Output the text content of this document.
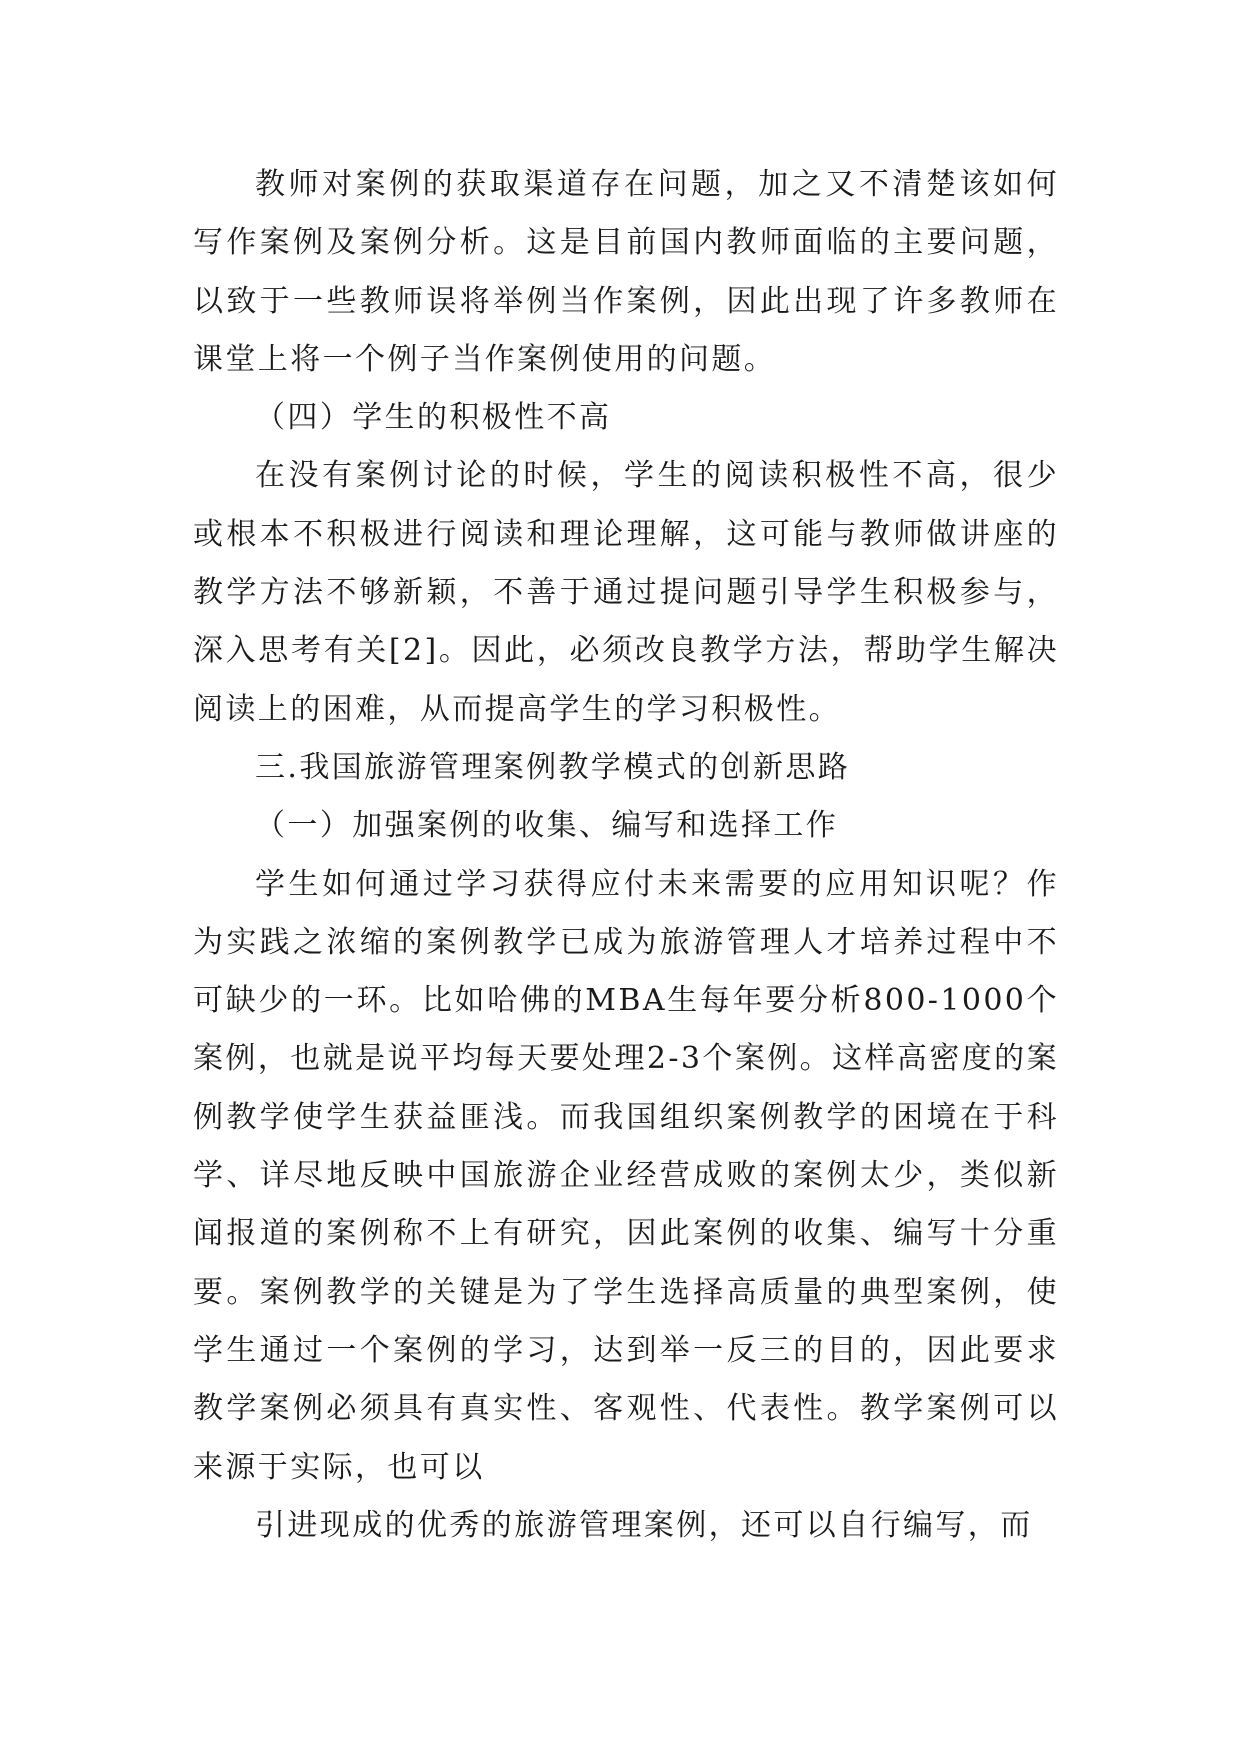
教师对案例的获取渠道存在问题，加之又不清楚该如何写作案例及案例分析。这是目前国内教师面临的主要问题，以致于一些教师误将举例当作案例，因此出现了许多教师在课堂上将一个例子当作案例使用的问题。

（四）学生的积极性不高

在没有案例讨论的时候，学生的阅读积极性不高，很少或根本不积极进行阅读和理论理解，这可能与教师做讲座的教学方法不够新颖，不善于通过提问题引导学生积极参与，深入思考有关[2]。因此，必须改良教学方法，帮助学生解决阅读上的困难，从而提高学生的学习积极性。

三.我国旅游管理案例教学模式的创新思路

（一）加强案例的收集、编写和选择工作

学生如何通过学习获得应付未来需要的应用知识呢？作为实践之浓缩的案例教学已成为旅游管理人才培养过程中不可缺少的一环。比如哈佛的MBA生每年要分析800-1000个案例，也就是说平均每天要处理2-3个案例。这样高密度的案例教学使学生获益匪浅。而我国组织案例教学的困境在于科学、详尽地反映中国旅游企业经营成败的案例太少，类似新闻报道的案例称不上有研究，因此案例的收集、编写十分重要。案例教学的关键是为了学生选择高质量的典型案例，使学生通过一个案例的学习，达到举一反三的目的，因此要求教学案例必须具有真实性、客观性、代表性。教学案例可以来源于实际，也可以

引进现成的优秀的旅游管理案例，还可以自行编写，而
